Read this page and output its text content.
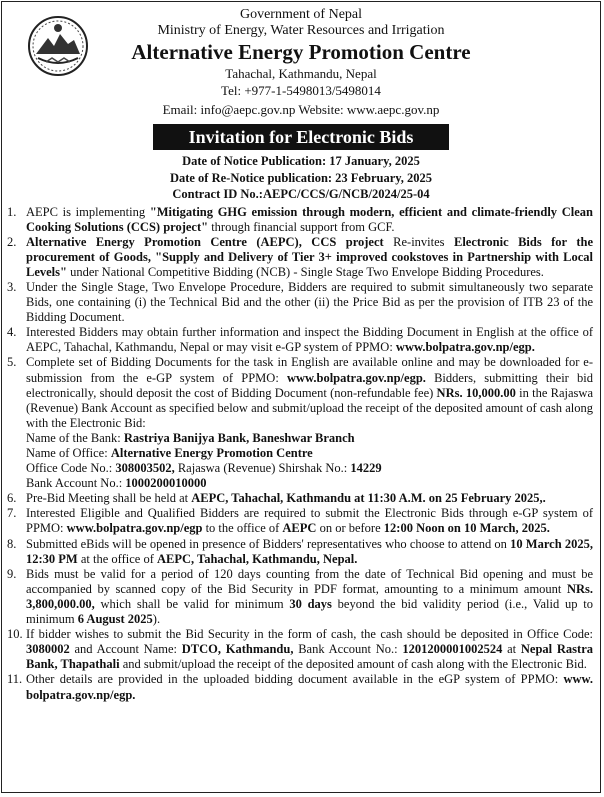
Government of Nepal
Ministry of Energy, Water Resources and Irrigation
Alternative Energy Promotion Centre
Tahachal, Kathmandu, Nepal
Tel: +977-1-5498013/5498014
Email: info@aepc.gov.np Website: www.aepc.gov.np
Invitation for Electronic Bids
Date of Notice Publication: 17 January, 2025
Date of Re-Notice publication: 23 February, 2025
Contract ID No.:AEPC/CCS/G/NCB/2024/25-04
1. AEPC is implementing "Mitigating GHG emission through modern, efficient and climate-friendly Clean Cooking Solutions (CCS) project" through financial support from GCF.
2. Alternative Energy Promotion Centre (AEPC), CCS project Re-invites Electronic Bids for the procurement of Goods, "Supply and Delivery of Tier 3+ improved cookstoves in Partnership with Local Levels" under National Competitive Bidding (NCB) - Single Stage Two Envelope Bidding Procedures.
3. Under the Single Stage, Two Envelope Procedure, Bidders are required to submit simultaneously two separate Bids, one containing (i) the Technical Bid and the other (ii) the Price Bid as per the provision of ITB 23 of the Bidding Document.
4. Interested Bidders may obtain further information and inspect the Bidding Document in English at the office of AEPC, Tahachal, Kathmandu, Nepal or may visit e-GP system of PPMO: www.bolpatra.gov.np/egp.
5. Complete set of Bidding Documents for the task in English are available online and may be downloaded for e-submission from the e-GP system of PPMO: www.bolpatra.gov.np/egp. Bidders, submitting their bid electronically, should deposit the cost of Bidding Document (non-refundable fee) NRs. 10,000.00 in the Rajaswa (Revenue) Bank Account as specified below and submit/upload the receipt of the deposited amount of cash along with the Electronic Bid:
Name of the Bank: Rastriya Banijya Bank, Baneshwar Branch
Name of Office: Alternative Energy Promotion Centre
Office Code No.: 308003502, Rajaswa (Revenue) Shirshak No.: 14229
Bank Account No.: 1000200010000
6. Pre-Bid Meeting shall be held at AEPC, Tahachal, Kathmandu at 11:30 A.M. on 25 February 2025,.
7. Interested Eligible and Qualified Bidders are required to submit the Electronic Bids through e-GP system of PPMO: www.bolpatra.gov.np/egp to the office of AEPC on or before 12:00 Noon on 10 March, 2025.
8. Submitted eBids will be opened in presence of Bidders' representatives who choose to attend on 10 March 2025, 12:30 PM at the office of AEPC, Tahachal, Kathmandu, Nepal.
9. Bids must be valid for a period of 120 days counting from the date of Technical Bid opening and must be accompanied by scanned copy of the Bid Security in PDF format, amounting to a minimum amount NRs. 3,800,000.00, which shall be valid for minimum 30 days beyond the bid validity period (i.e., Valid up to minimum 6 August 2025).
10. If bidder wishes to submit the Bid Security in the form of cash, the cash should be deposited in Office Code: 3080002 and Account Name: DTCO, Kathmandu, Bank Account No.: 1201200001002524 at Nepal Rastra Bank, Thapathali and submit/upload the receipt of the deposited amount of cash along with the Electronic Bid.
11. Other details are provided in the uploaded bidding document available in the eGP system of PPMO: www. bolpatra.gov.np/egp.
